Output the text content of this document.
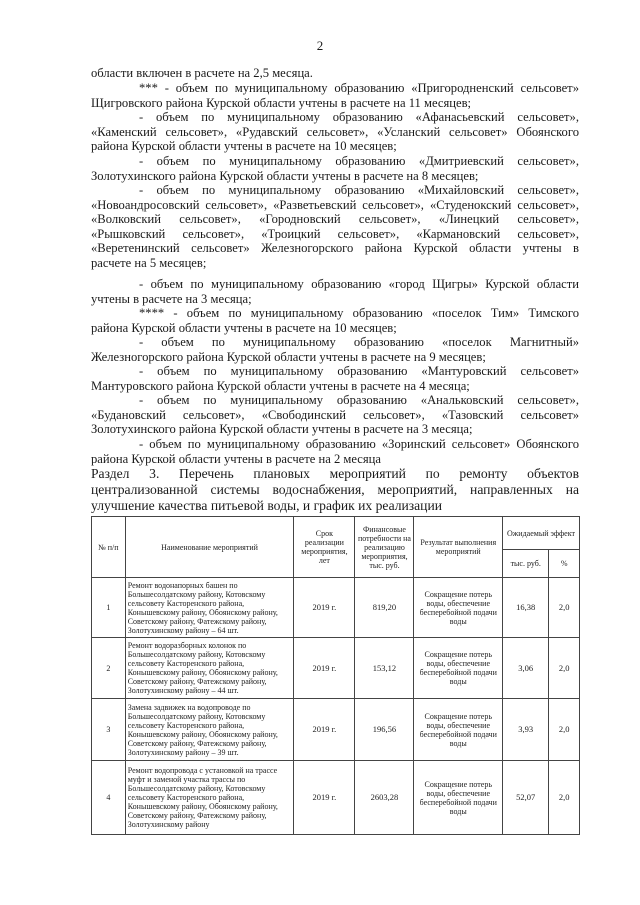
2
области включен в расчете на 2,5 месяца.
*** - объем по муниципальному образованию «Пригородненский сельсовет»
Щигровского района Курской области учтены в расчете на 11 месяцев;
- объем по муниципальному образованию «Афанасьевский сельсовет»,
«Каменский сельсовет», «Рудавский сельсовет», «Усланский сельсовет» Обоянского
района Курской области учтены в расчете на 10 месяцев;
- объем по муниципальному образованию «Дмитриевский сельсовет»,
Золотухинского района Курской области учтены в расчете на 8 месяцев;
- объем по муниципальному образованию «Михайловский сельсовет»,
«Новоандросовский сельсовет», «Разветьевский сельсовет», «Студенокский сельсовет»,
«Волковский сельсовет», «Городновский сельсовет», «Линецкий сельсовет»,
«Рышковский сельсовет», «Троицкий сельсовет», «Кармановский сельсовет»,
«Веретенинский сельсовет» Железногорского района Курской области учтены в
расчете на 5 месяцев;
- объем по муниципальному образованию «город Щигры» Курской области
учтены в расчете на 3 месяца;
**** - объем по муниципальному образованию «поселок Тим» Тимского
района Курской области учтены в расчете на 10 месяцев;
- объем по муниципальному образованию «поселок Магнитный»
Железногорского района Курской области учтены в расчете на 9 месяцев;
- объем по муниципальному образованию «Мантуровский сельсовет»
Мантуровского района Курской области учтены в расчете на 4 месяца;
- объем по муниципальному образованию «Анальковский сельсовет»,
«Будановский сельсовет», «Свободинский сельсовет», «Тазовский сельсовет»
Золотухинского района Курской области учтены в расчете на 3 месяца;
- объем по муниципальному образованию «Зоринский сельсовет» Обоянского
района Курской области учтены в расчете на 2 месяца
Раздел 3. Перечень плановых мероприятий по ремонту объектов
централизованной системы водоснабжения, мероприятий, направленных на
улучшение качества питьевой воды, и график их реализации
№ п/п	Наименование мероприятий	Срок реализации мероприятия, лет	Финансовые потребности на реализацию мероприятия, тыс. руб.	Результат выполнения мероприятий	Ожидаемый эффект	
					тыс. руб.	%
1	Ремонт водонапорных башен по Большесолдатскому району, Котовскому сельсовету Касторенского района, Конышевскому району, Обоянскому району, Советскому району, Фатежскому району, Золотухинскому району – 64 шт.	2019 г.	819,20	Сокращение потерь воды, обеспечение бесперебойной подачи воды	16,38	2,0
2	Ремонт водоразборных колонок по Большесолдатскому району, Котовскому сельсовету Касторенского района, Конышевскому району, Обоянскому району, Советскому району, Фатежскому району, Золотухинскому району – 44 шт.	2019 г.	153,12	Сокращение потерь воды, обеспечение бесперебойной подачи воды	3,06	2,0
3	Замена задвижек на водопроводе по Большесолдатскому району, Котовскому сельсовету Касторенского района, Конышевскому району, Обоянскому району, Советскому району, Фатежскому району, Золотухинскому району – 39 шт.	2019 г.	196,56	Сокращение потерь воды, обеспечение бесперебойной подачи воды	3,93	2,0
4	Ремонт водопровода с установкой на трассе муфт и заменой участка трассы по Большесолдатскому району, Котовскому сельсовету Касторенского района, Конышевскому району, Обоянскому району, Советскому району, Фатежскому району, Золотухинскому району	2019 г.	2603,28	Сокращение потерь воды, обеспечение бесперебойной подачи воды	52,07	2,0
